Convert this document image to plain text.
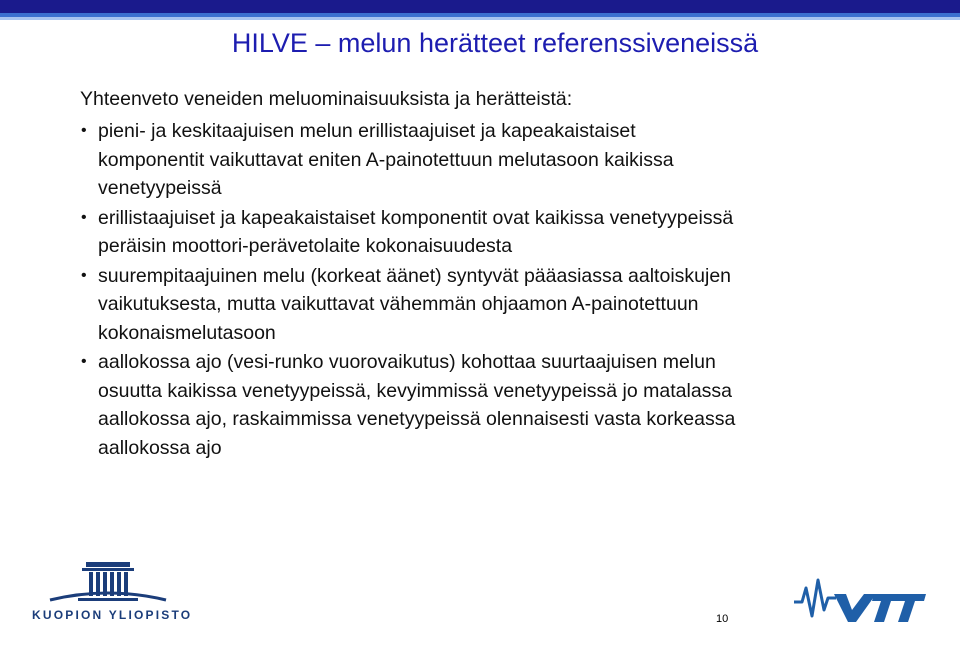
HILVE – melun herätteet referenssiveneissä
Yhteenveto veneiden meluominaisuuksista ja herätteistä:
• pieni- ja keskitaajuisen melun erillistaajuiset ja kapeakaistaiset
komponentit vaikuttavat eniten A-painotettuun melutasoon kaikissa
venetyypeissä
• erillistaajuiset ja kapeakaistaiset komponentit ovat kaikissa venetyypeissä
peräisin moottori-perävetolaite kokonaisuudesta
• suurempitaajuinen melu (korkeat äänet) syntyvät pääasiassa aaltoiskujen
vaikutuksesta, mutta vaikuttavat vähemmän ohjaamon A-painotettuun
kokonaismelutasoon
• aallokossa ajo (vesi-runko vuorovaikutus) kohottaa suurtaajuisen melun
osuutta kaikissa venetyypeissä, kevyimmissä venetyypeissä jo matalassa
aallokossa ajo, raskaimmissa venetyypeissä olennaisesti vasta korkeassa
aallokossa ajo
KUOPION YLIOPISTO	10
